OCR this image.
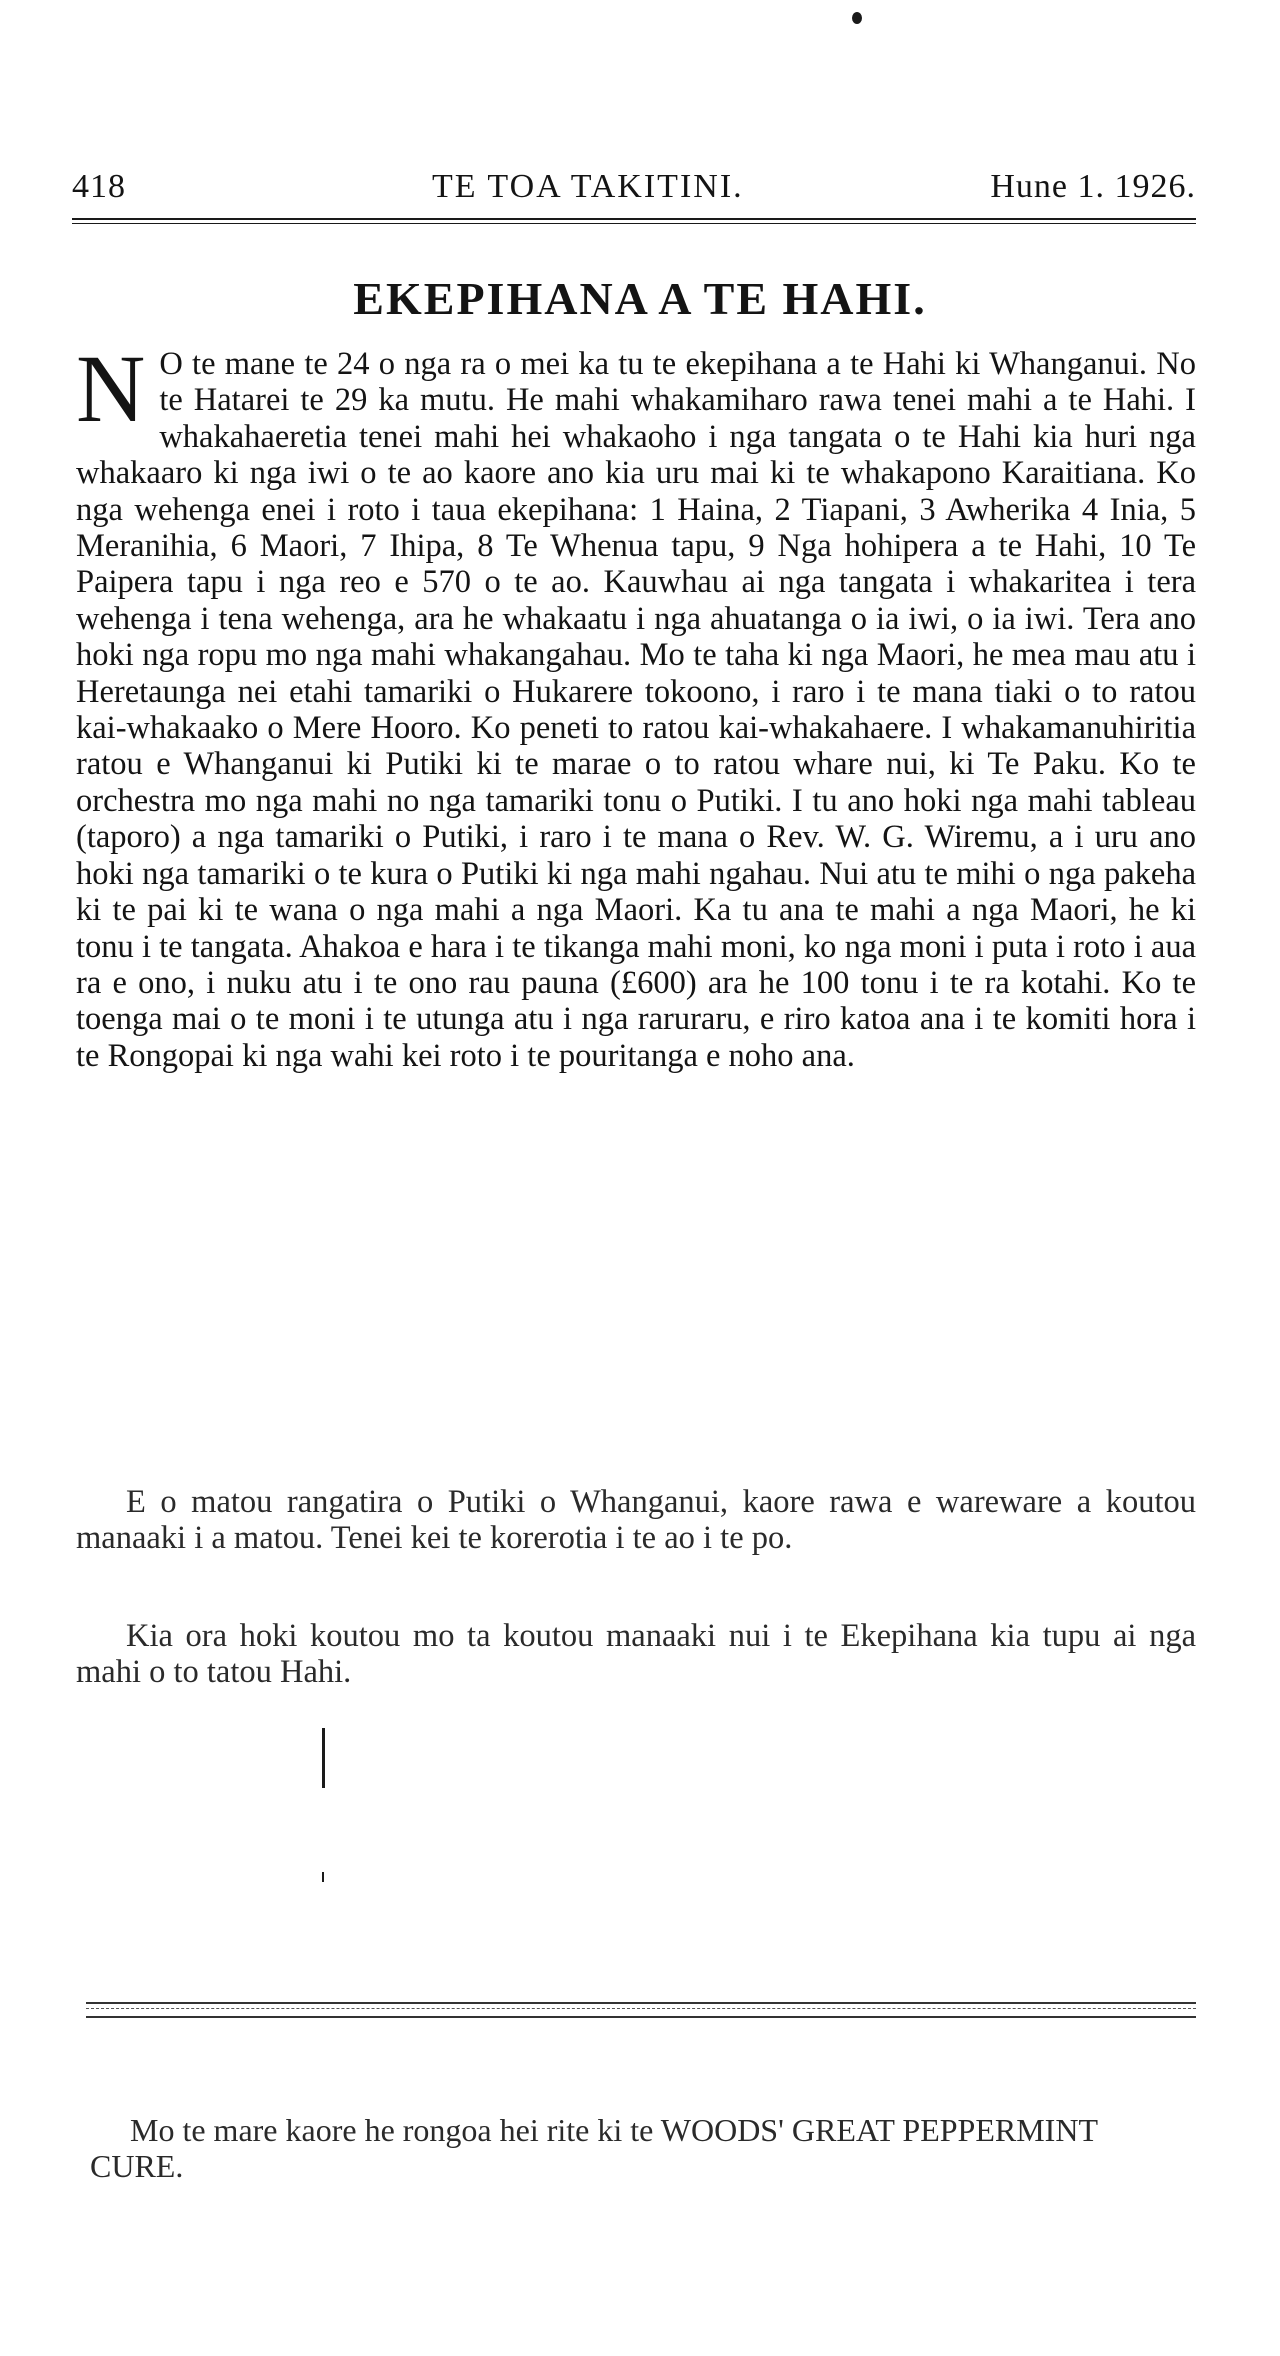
418	TE TOA TAKITINI.	Hune 1. 1926.
EKEPIHANA A TE HAHI.
N O te mane te 24 o nga ra o mei ka tu te ekepihana a te Hahi ki Whanganui. No te Hatarei te 29 ka mutu. He mahi whakamiharo rawa tenei mahi a te Hahi. I whakahaeretia tenei mahi hei whakaoho i nga tangata o te Hahi kia huri nga whakaaro ki nga iwi o te ao kaore ano kia uru mai ki te whakapono Karaitiana. Ko nga wehenga enei i roto i taua ekepihana: 1 Haina, 2 Tiapani, 3 Awherika 4 Inia, 5 Meranihia, 6 Maori, 7 Ihipa, 8 Te Whenua tapu, 9 Nga hohipera a te Hahi, 10 Te Paipera tapu i nga reo e 570 o te ao. Kauwhau ai nga tangata i whakaritea i tera wehenga i tena wehenga, ara he whakaatu i nga ahuatanga o ia iwi, o ia iwi. Tera ano hoki nga ropu mo nga mahi whakangahau. Mo te taha ki nga Maori, he mea mau atu i Heretaunga nei etahi tamariki o Hukarere tokoono, i raro i te mana tiaki o to ratou kai-whakaako o Mere Hooro. Ko peneti to ratou kai-whakahaere. I whakamanuhiritia ratou e Whanganui ki Putiki ki te marae o to ratou whare nui, ki Te Paku. Ko te orchestra mo nga mahi no nga tamariki tonu o Putiki. I tu ano hoki nga mahi tableau (taporo) a nga tamariki o Putiki, i raro i te mana o Rev. W. G. Wiremu, a i uru ano hoki nga tamariki o te kura o Putiki ki nga mahi ngahau. Nui atu te mihi o nga pakeha ki te pai ki te wana o nga mahi a nga Maori. Ka tu ana te mahi a nga Maori, he ki tonu i te tangata. Ahakoa e hara i te tikanga mahi moni, ko nga moni i puta i roto i aua ra e ono, i nuku atu i te ono rau pauna (£600) ara he 100 tonu i te ra kotahi. Ko te toenga mai o te moni i te utunga atu i nga raruraru, e riro katoa ana i te komiti hora i te Rongopai ki nga wahi kei roto i te pouritanga e noho ana.

E o matou rangatira o Putiki o Whanganui, kaore rawa e wareware a koutou manaaki i a matou. Tenei kei te korerotia i te ao i te po.

Kia ora hoki koutou mo ta koutou manaaki nui i te Ekepihana kia tupu ai nga mahi o to tatou Hahi.

Mo te mare kaore he rongoa hei rite ki te WOODS' GREAT PEPPERMINT CURE.
